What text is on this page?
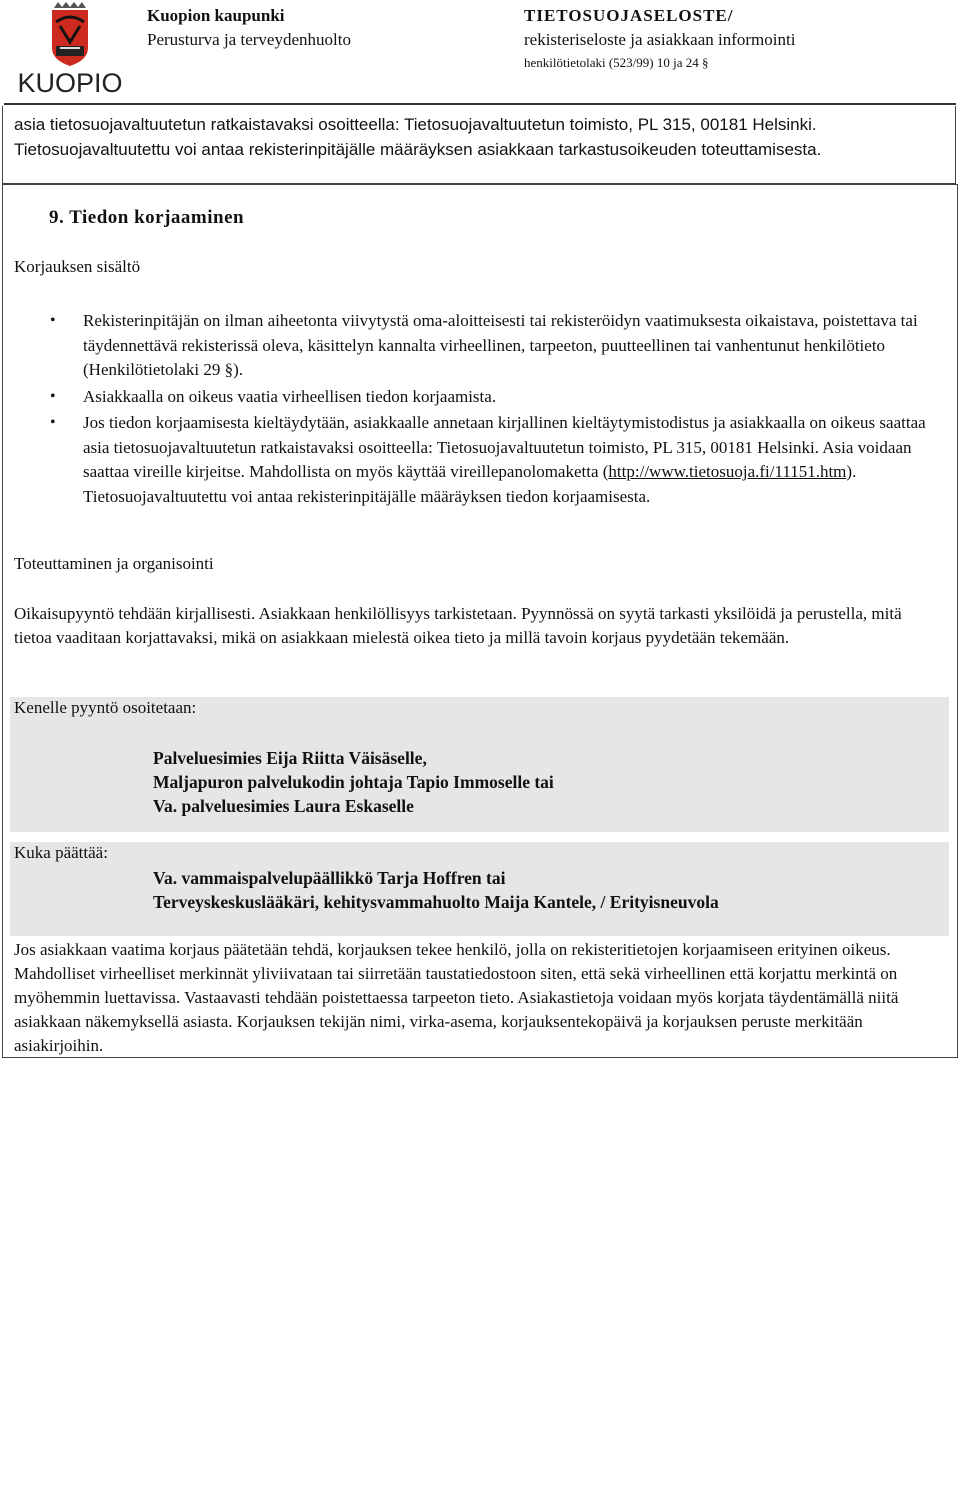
KUOPIO
Kuopion kaupunki
Perusturva ja terveydenhuolto
TIETOSUOJASELOSTE/
rekisteriseloste ja asiakkaan informointi
henkilötietolaki (523/99) 10 ja 24 §
asia tietosuojavaltuutetun ratkaistavaksi osoitteella: Tietosuojavaltuutetun toimisto, PL 315, 00181 Helsinki.
Tietosuojavaltuutettu voi antaa rekisterinpitäjälle määräyksen asiakkaan tarkastusoikeuden toteuttamisesta.
9. Tiedon korjaaminen
Korjauksen sisältö
• Rekisterinpitäjän on ilman aiheetonta viivytystä oma-aloitteisesti tai rekisteröidyn vaatimuksesta oikaistava, poistettava tai täydennettävä rekisterissä oleva, käsittelyn kannalta virheellinen, tarpeeton, puutteellinen tai vanhentunut henkilötieto (Henkilötietolaki 29 §).
• Asiakkaalla on oikeus vaatia virheellisen tiedon korjaamista.
• Jos tiedon korjaamisesta kieltäydytään, asiakkaalle annetaan kirjallinen kieltäytymistodistus ja asiakkaalla on oikeus saattaa asia tietosuojavaltuutetun ratkaistavaksi osoitteella: Tietosuojavaltuutetun toimisto, PL 315, 00181 Helsinki. Asia voidaan saattaa vireille kirjeitse. Mahdollista on myös käyttää vireillepanolomaketta (http://www.tietosuoja.fi/11151.htm). Tietosuojavaltuutettu voi antaa rekisterinpitäjälle määräyksen tiedon korjaamisesta.
Toteuttaminen ja organisointi
Oikaisupyyntö tehdään kirjallisesti. Asiakkaan henkilöllisyys tarkistetaan. Pyynnössä on syytä tarkasti yksilöidä ja perustella, mitä tietoa vaaditaan korjattavaksi, mikä on asiakkaan mielestä oikea tieto ja millä tavoin korjaus pyydetään tekemään.
Kenelle pyyntö osoitetaan:
Palveluesimies Eija Riitta Väisäselle,
Maljapuron palvelukodin johtaja Tapio Immoselle tai
Va. palveluesimies Laura Eskaselle
Kuka päättää:
Va. vammaispalvelupäällikkö Tarja Hoffren tai
Terveyskeskuslääkäri, kehitysvammahuolto Maija Kantele, / Erityisneuvola
Jos asiakkaan vaatima korjaus päätetään tehdä, korjauksen tekee henkilö, jolla on rekisteritietojen korjaamiseen erityinen oikeus. Mahdolliset virheelliset merkinnät yliviivataan tai siirretään taustatiedostoon siten, että sekä virheellinen että korjattu merkintä on myöhemmin luettavissa. Vastaavasti tehdään poistettaessa tarpeeton tieto. Asiakastietoja voidaan myös korjata täydentämällä niitä asiakkaan näkemyksellä asiasta. Korjauksen tekijän nimi, virka-asema, korjauksentekopäivä ja korjauksen peruste merkitään asiakirjoihin.
